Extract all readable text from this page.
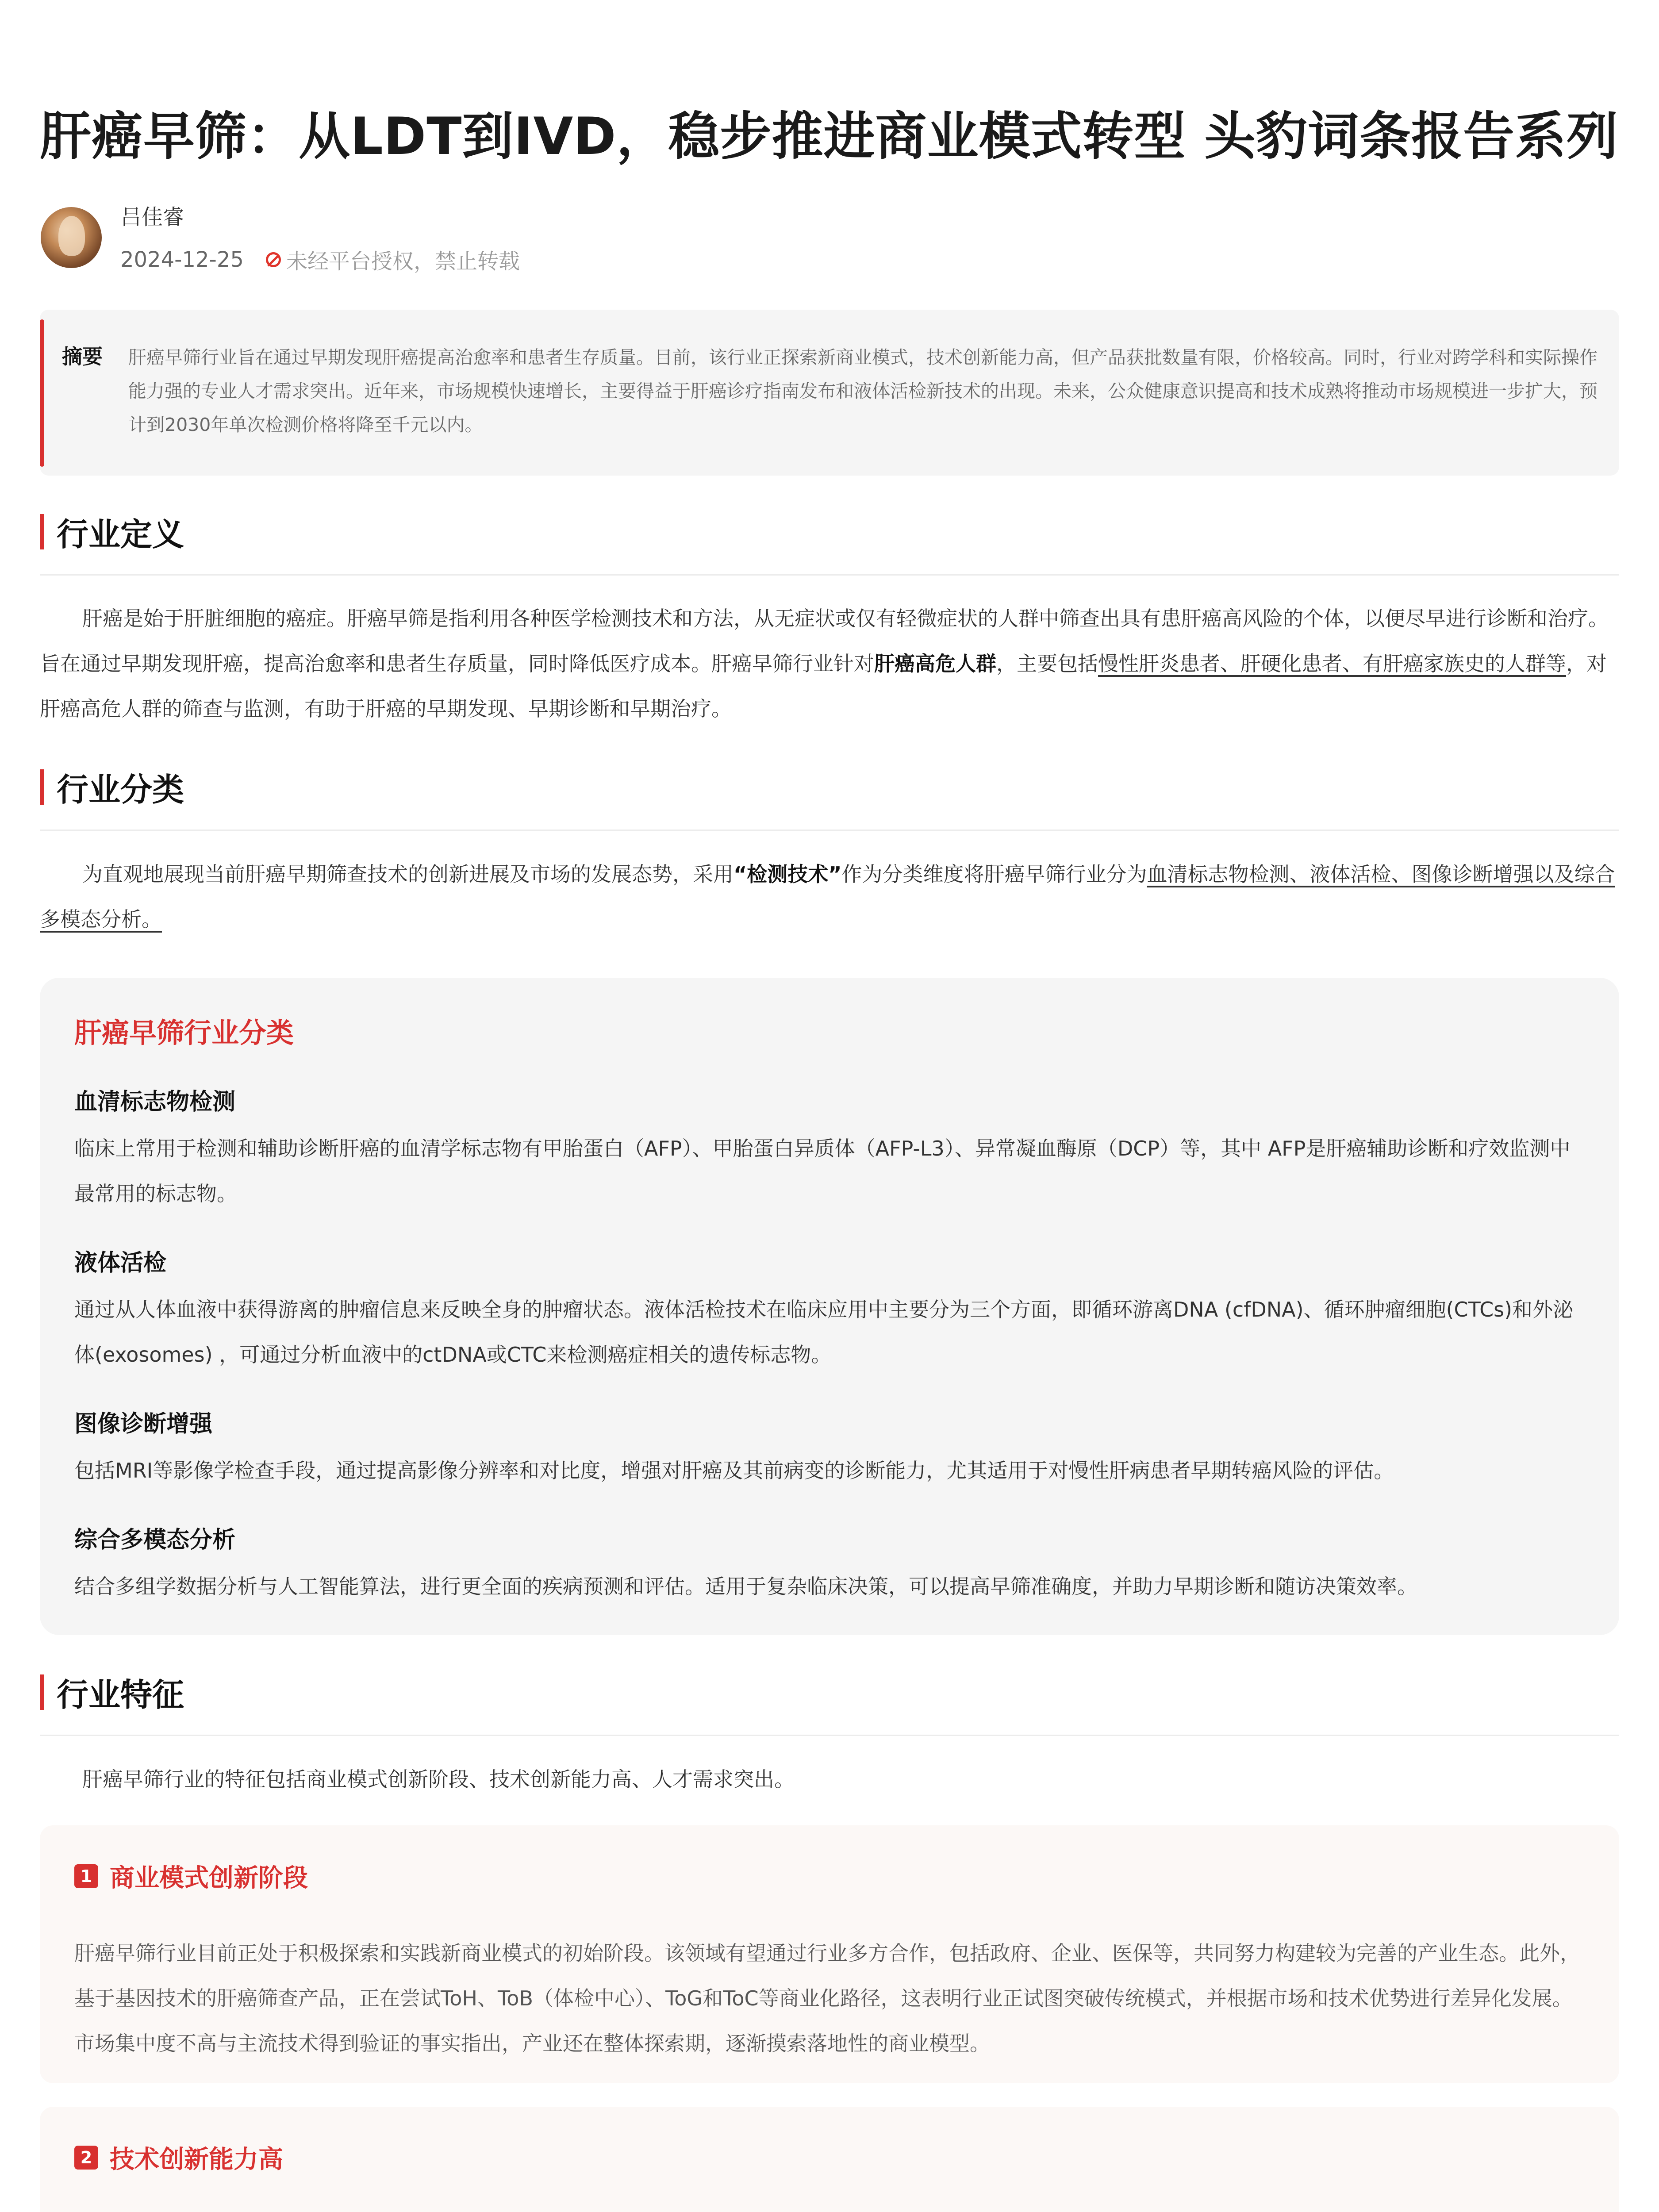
肝癌早筛：从LDT到IVD，稳步推进商业模式转型 头豹词条报告系列
吕佳睿
2024-12-25 未经平台授权，禁止转载
摘要 肝癌早筛行业旨在通过早期发现肝癌提高治愈率和患者生存质量。目前，该行业正探索新商业模式，技术创新能力高，但产品获批数量有限，价格较高。同时，行业对跨学科和实际操作能力强的专业人才需求突出。近年来，市场规模快速增长，主要得益于肝癌诊疗指南发布和液体活检新技术的出现。未来，公众健康意识提高和技术成熟将推动市场规模进一步扩大，预计到2030年单次检测价格将降至千元以内。
行业定义
肝癌是始于肝脏细胞的癌症。肝癌早筛是指利用各种医学检测技术和方法，从无症状或仅有轻微症状的人群中筛查出具有患肝癌高风险的个体，以便尽早进行诊断和治疗。旨在通过早期发现肝癌，提高治愈率和患者生存质量，同时降低医疗成本。肝癌早筛行业针对肝癌高危人群，主要包括慢性肝炎患者、肝硬化患者、有肝癌家族史的人群等，对肝癌高危人群的筛查与监测，有助于肝癌的早期发现、早期诊断和早期治疗。
行业分类
为直观地展现当前肝癌早期筛查技术的创新进展及市场的发展态势，采用“检测技术”作为分类维度将肝癌早筛行业分为血清标志物检测、液体活检、图像诊断增强以及综合多模态分析。
肝癌早筛行业分类
血清标志物检测
临床上常用于检测和辅助诊断肝癌的血清学标志物有甲胎蛋白（AFP）、甲胎蛋白异质体（AFP-L3）、异常凝血酶原（DCP）等，其中 AFP是肝癌辅助诊断和疗效监测中最常用的标志物。
液体活检
通过从人体血液中获得游离的肿瘤信息来反映全身的肿瘤状态。液体活检技术在临床应用中主要分为三个方面，即循环游离DNA (cfDNA)、循环肿瘤细胞(CTCs)和外泌体(exosomes) ，可通过分析血液中的ctDNA或CTC来检测癌症相关的遗传标志物。
图像诊断增强
包括MRI等影像学检查手段，通过提高影像分辨率和对比度，增强对肝癌及其前病变的诊断能力，尤其适用于对慢性肝病患者早期转癌风险的评估。
综合多模态分析
结合多组学数据分析与人工智能算法，进行更全面的疾病预测和评估。适用于复杂临床决策，可以提高早筛准确度，并助力早期诊断和随访决策效率。
行业特征
肝癌早筛行业的特征包括商业模式创新阶段、技术创新能力高、人才需求突出。
1 商业模式创新阶段
肝癌早筛行业目前正处于积极探索和实践新商业模式的初始阶段。该领域有望通过行业多方合作，包括政府、企业、医保等，共同努力构建较为完善的产业生态。此外，基于基因技术的肝癌筛查产品，正在尝试ToH、ToB（体检中心）、ToG和ToC等商业化路径，这表明行业正试图突破传统模式，并根据市场和技术优势进行差异化发展。市场集中度不高与主流技术得到验证的事实指出，产业还在整体探索期，逐渐摸索落地性的商业模型。
2 技术创新能力高
